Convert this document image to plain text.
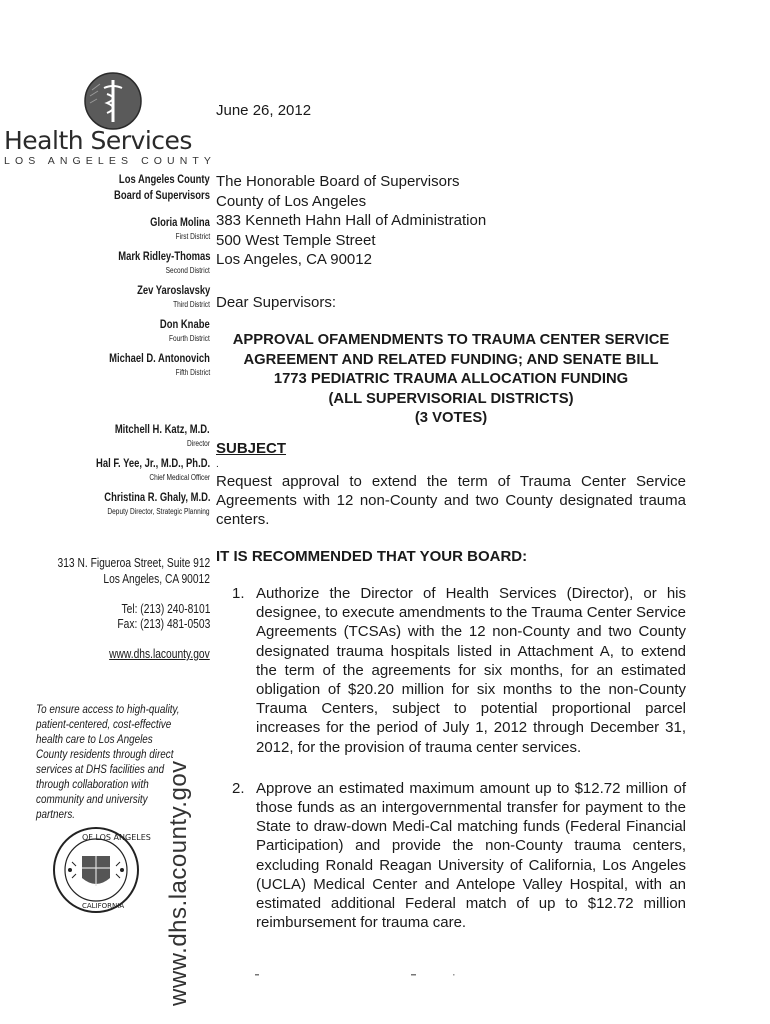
Health Services
LOS ANGELES COUNTY
Los Angeles County
Board of Supervisors
Gloria Molina
First District
Mark Ridley-Thomas
Second District
Zev Yaroslavsky
Third District
Don Knabe
Fourth District
Michael D. Antonovich
Fifth District
Mitchell H. Katz, M.D.
Director
Hal F. Yee, Jr., M.D., Ph.D.
Chief Medical Officer
Christina R. Ghaly, M.D.
Deputy Director, Strategic Planning
313 N. Figueroa Street, Suite 912
Los Angeles, CA 90012
Tel: (213) 240-8101
Fax: (213) 481-0503
www.dhs.lacounty.gov
To ensure access to high-quality, patient-centered, cost-effective health care to Los Angeles County residents through direct services at DHS facilities and through collaboration with community and university partners.
OF LOS ANGELES
CALIFORNIA www.dhs.lacounty.gov
June 26, 2012
The Honorable Board of Supervisors
County of Los Angeles
383 Kenneth Hahn Hall of Administration
500 West Temple Street
Los Angeles, CA 90012
Dear Supervisors:
APPROVAL OFAMENDMENTS TO TRAUMA CENTER SERVICE
AGREEMENT AND RELATED FUNDING; AND SENATE BILL
1773 PEDIATRIC TRAUMA ALLOCATION FUNDING
(ALL SUPERVISORIAL DISTRICTS)
(3 VOTES)
SUBJECT
.
Request approval to extend the term of Trauma Center Service Agreements with 12 non-County and two County designated trauma centers.
IT IS RECOMMENDED THAT YOUR BOARD:
1. Authorize the Director of Health Services (Director), or his designee, to execute amendments to the Trauma Center Service Agreements (TCSAs) with the 12 non-County and two County designated trauma hospitals listed in Attachment A, to extend the term of the agreements for six months, for an estimated obligation of $20.20 million for six months to the non-County Trauma Centers, subject to potential proportional parcel increases for the period of July 1, 2012 through December 31, 2012, for the provision of trauma center services.
2. Approve an estimated maximum amount up to $12.72 million of those funds as an intergovernmental transfer for payment to the State to draw-down Medi-Cal matching funds (Federal Financial Participation) and provide the non-County trauma centers, excluding Ronald Reagan University of California, Los Angeles (UCLA) Medical Center and Antelope Valley Hospital, with an estimated additional Federal match of up to $12.72 million reimbursement for trauma care.
